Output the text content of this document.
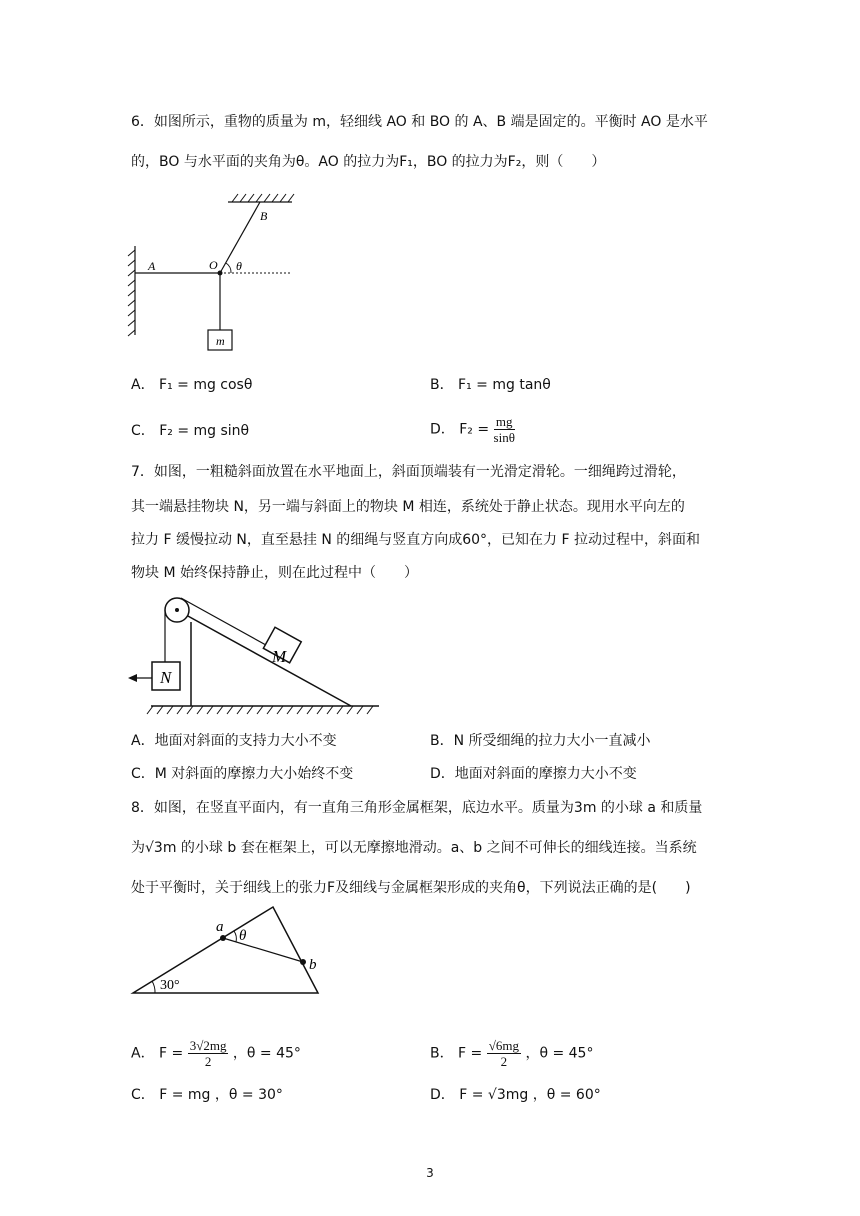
6．如图所示，重物的质量为 m，轻细线 AO 和 BO 的 A、B 端是固定的。平衡时 AO 是水平
的，BO 与水平面的夹角为θ。AO 的拉力为F₁，BO 的拉力为F₂，则（　　）
A
B
O θ
m
A． F₁ = mg cosθ	B． F₁ = mg tanθ
C． F₂ = mg sinθ	D． $F_2 = \frac{mg}{\sin\theta}$
7．如图，一粗糙斜面放置在水平地面上，斜面顶端装有一光滑定滑轮。一细绳跨过滑轮，
其一端悬挂物块 N，另一端与斜面上的物块 M 相连，系统处于静止状态。现用水平向左的
拉力 F 缓慢拉动 N，直至悬挂 N 的细绳与竖直方向成60°，已知在力 F 拉动过程中，斜面和
物块 M 始终保持静止，则在此过程中（　　）
M
N
A．地面对斜面的支持力大小不变	B．N 所受细绳的拉力大小一直减小
C．M 对斜面的摩擦力大小始终不变	D．地面对斜面的摩擦力大小不变
8．如图，在竖直平面内，有一直角三角形金属框架，底边水平。质量为3m 的小球 a 和质量
为√3m 的小球 b 套在框架上，可以无摩擦地滑动。a、b 之间不可伸长的细线连接。当系统
处于平衡时，关于细线上的张力F及细线与金属框架形成的夹角θ，下列说法正确的是(　　)
a
b
θ
30°
A． $F = \frac{3√2mg}{2}$ ，θ = 45°	B． $F = \frac{√6mg}{2}$ ，θ = 45°
C． F = mg ，θ = 30°	D． F = √3mg ，θ = 60°
3
